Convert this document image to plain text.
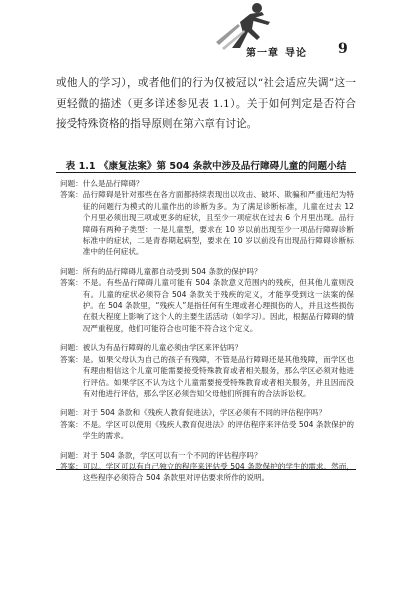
第一章 导论 9
或他人的学习），或者他们的行为仅被冠以“社会适应失调”这一更轻微的描述（更多详述参见表 1.1）。关于如何判定是否符合接受特殊资格的指导原则在第六章有讨论。
表 1.1 《康复法案》第 504 条款中涉及品行障碍儿童的问题小结
问题： 什么是品行障碍？
答案： 品行障碍是针对那些在各方面都持续表现出以攻击、破坏、欺骗和严重违纪为特征的问题行为模式的儿童作出的诊断为多。为了满足诊断标准，儿童在过去 12 个月里必须出现三项或更多的症状，且至少一项症状在过去 6 个月里出现。品行障碍有两种子类型：一是儿童型，要求在 10 岁以前出现至少一项品行障碍诊断标准中的症状，二是青春期起病型，要求在 10 岁以前没有出现品行障碍诊断标准中的任何症状。
问题： 所有的品行障碍儿童都自动受到 504 条款的保护吗？
答案： 不是。有些品行障碍儿童可能有 504 条款意义范围内的残疾，但其他儿童则没有。儿童的症状必须符合 504 条款关于残疾的定义，才能享受到这一法案的保护。在 504 条款里，“残疾人”是指任何有生理或者心理损伤的人，并且这些损伤在很大程度上影响了这个人的主要生活活动（如学习）。因此，根据品行障碍的情况严重程度，他们可能符合也可能不符合这个定义。
问题： 被认为有品行障碍的儿童必须由学区来评估吗？
答案： 是。如果父母认为自己的孩子有残障，不管是品行障碍还是其他残障，而学区也有理由相信这个儿童可能需要接受特殊教育或者相关服务，那么学区必须对他进行评估。如果学区不认为这个儿童需要接受特殊教育或者相关服务，并且因而没有对他进行评估，那么学区必须告知父母他们所拥有的合法诉讼权。
问题： 对于 504 条款和《残疾人教育促进法》，学区必须有不同的评估程序吗？
答案： 不是。学区可以使用《残疾人教育促进法》的评估程序来评估受 504 条款保护的学生的需求。
问题： 对于 504 条款，学区可以有一个不同的评估程序吗？
答案： 可以。学区可以有自己独立的程序来评估受 504 条款保护的学生的需求。然而，这些程序必须符合 504 条款里对评估要求所作的说明。
